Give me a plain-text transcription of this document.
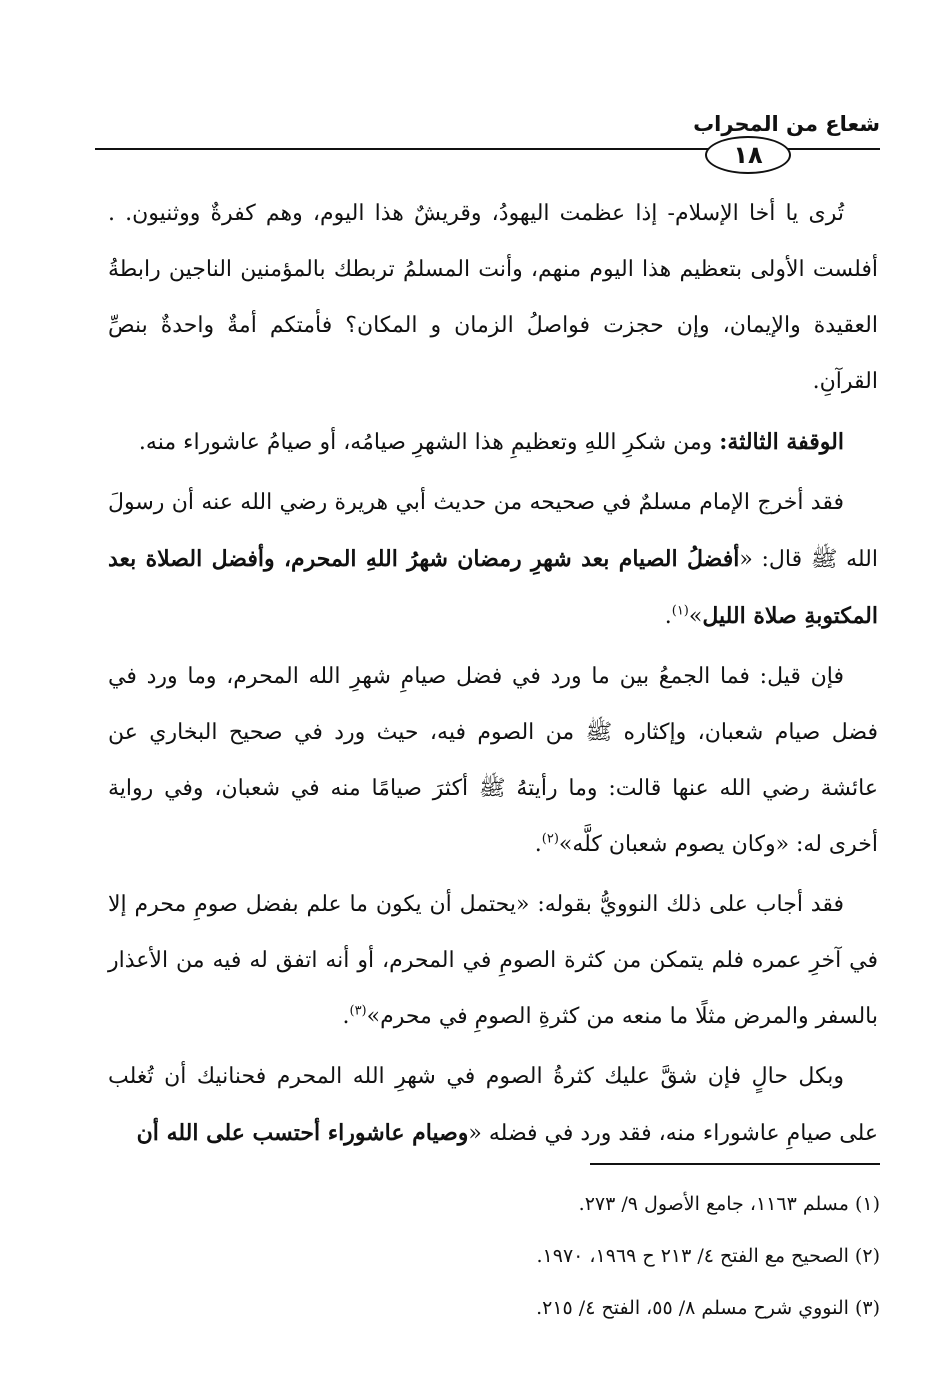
شعاع من المحراب
١٨

تُرى يا أخا الإسلام- إذا عظمت اليهودُ، وقريشٌ هذا اليوم، وهم كفرةٌ ووثنيون. . أفلست الأولى بتعظيم هذا اليوم منهم، وأنت المسلمُ تربطك بالمؤمنين الناجين رابطةُ العقيدة والإيمان، وإن حجزت فواصلُ الزمان و المكان؟ فأمتكم أمةٌ واحدةٌ بنصِّ القرآنِ.

الوقفة الثالثة: ومن شكرِ اللهِ وتعظيمِ هذا الشهرِ صيامُه، أو صيامُ عاشوراء منه.

فقد أخرج الإمام مسلمٌ في صحيحه من حديث أبي هريرة رضي الله عنه أن رسولَ الله ﷺ قال: «أفضلُ الصيام بعد شهرِ رمضان شهرُ اللهِ المحرم، وأفضل الصلاة بعد المكتوبةِ صلاة الليل»$^{(١)}$.

فإن قيل: فما الجمعُ بين ما ورد في فضل صيامِ شهرِ الله المحرم، وما ورد في فضل صيام شعبان، وإكثاره ﷺ من الصوم فيه، حيث ورد في صحيح البخاري عن عائشة رضي الله عنها قالت: وما رأيتهُ ﷺ أكثرَ صيامًا منه في شعبان، وفي رواية أخرى له: «وكان يصوم شعبان كلَّه»$^{(٢)}$.

فقد أجاب على ذلك النوويُّ بقوله: «يحتمل أن يكون ما علم بفضل صومِ محرم إلا في آخرِ عمره فلم يتمكن من كثرة الصومِ في المحرم، أو أنه اتفق له فيه من الأعذار بالسفر والمرض مثلًا ما منعه من كثرةِ الصومِ في محرم»$^{(٣)}$.

وبكل حالٍ فإن شقَّ عليك كثرةُ الصوم في شهرِ الله المحرم فحنانيك أن تُغلب على صيامِ عاشوراء منه، فقد ورد في فضله «وصيام عاشوراء أحتسب على الله أن

(١) مسلم ١١٦٣، جامع الأصول ٩/ ٢٧٣.

(٢) الصحيح مع الفتح ٤/ ٢١٣ ح ١٩٦٩، ١٩٧٠.

(٣) النووي شرح مسلم ٨/ ٥٥، الفتح ٤/ ٢١٥.
